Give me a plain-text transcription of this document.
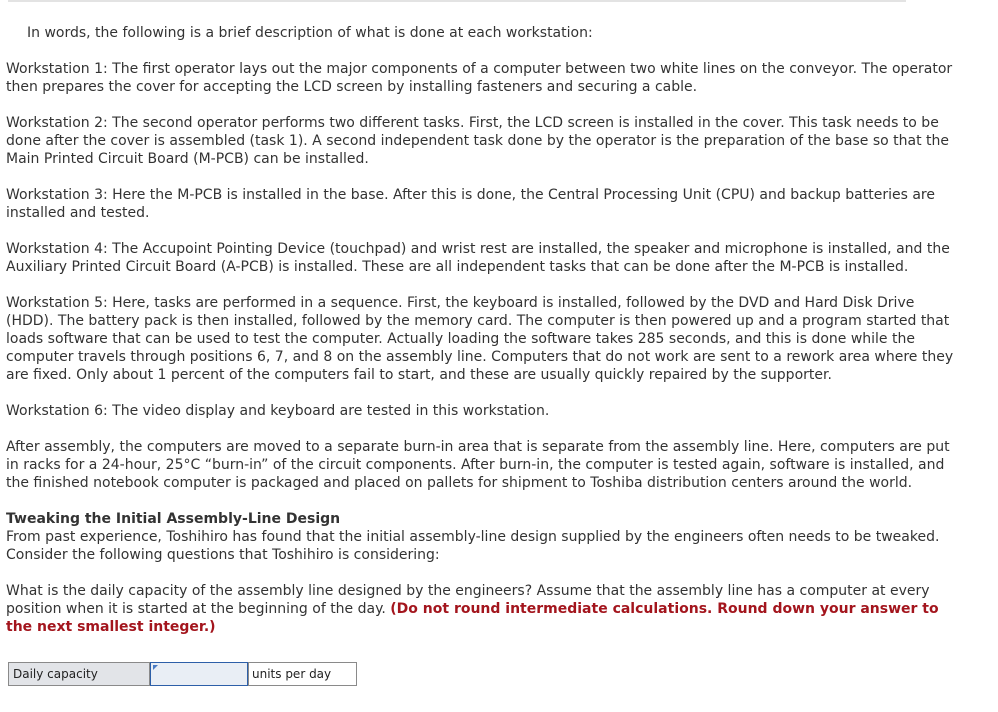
In words, the following is a brief description of what is done at each workstation:

Workstation 1: The first operator lays out the major components of a computer between two white lines on the conveyor. The operator then prepares the cover for accepting the LCD screen by installing fasteners and securing a cable.

Workstation 2: The second operator performs two different tasks. First, the LCD screen is installed in the cover. This task needs to be done after the cover is assembled (task 1). A second independent task done by the operator is the preparation of the base so that the Main Printed Circuit Board (M-PCB) can be installed.

Workstation 3: Here the M-PCB is installed in the base. After this is done, the Central Processing Unit (CPU) and backup batteries are installed and tested.

Workstation 4: The Accupoint Pointing Device (touchpad) and wrist rest are installed, the speaker and microphone is installed, and the Auxiliary Printed Circuit Board (A-PCB) is installed. These are all independent tasks that can be done after the M-PCB is installed.

Workstation 5: Here, tasks are performed in a sequence. First, the keyboard is installed, followed by the DVD and Hard Disk Drive (HDD). The battery pack is then installed, followed by the memory card. The computer is then powered up and a program started that loads software that can be used to test the computer. Actually loading the software takes 285 seconds, and this is done while the computer travels through positions 6, 7, and 8 on the assembly line. Computers that do not work are sent to a rework area where they are fixed. Only about 1 percent of the computers fail to start, and these are usually quickly repaired by the supporter.

Workstation 6: The video display and keyboard are tested in this workstation.

After assembly, the computers are moved to a separate burn-in area that is separate from the assembly line. Here, computers are put in racks for a 24-hour, 25°C “burn-in” of the circuit components. After burn-in, the computer is tested again, software is installed, and the finished notebook computer is packaged and placed on pallets for shipment to Toshiba distribution centers around the world.

Tweaking the Initial Assembly-Line Design

From past experience, Toshihiro has found that the initial assembly-line design supplied by the engineers often needs to be tweaked. Consider the following questions that Toshihiro is considering:

What is the daily capacity of the assembly line designed by the engineers? Assume that the assembly line has a computer at every position when it is started at the beginning of the day. (Do not round intermediate calculations. Round down your answer to the next smallest integer.)

Daily capacity	units per day
